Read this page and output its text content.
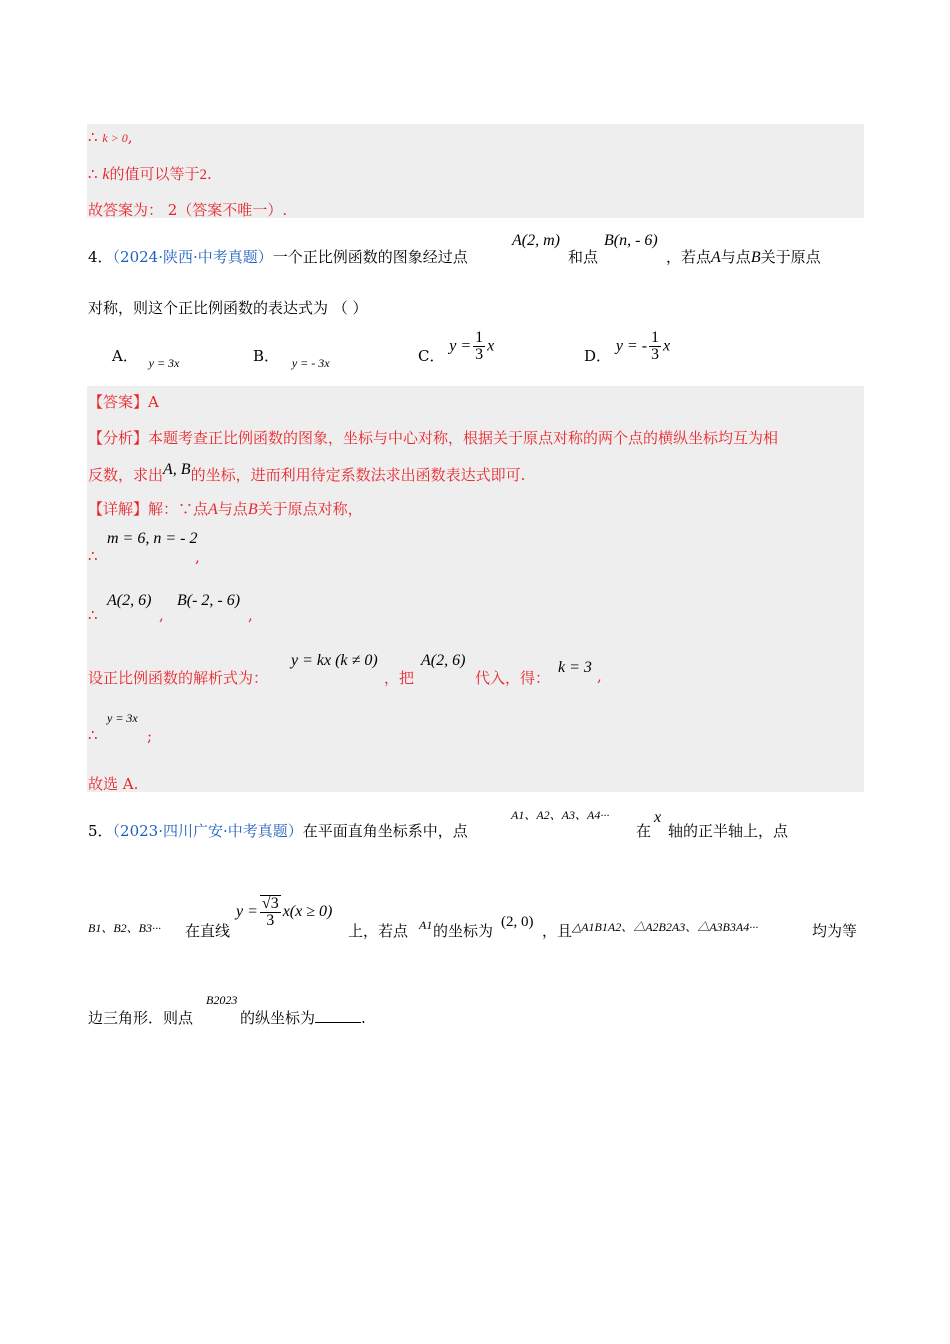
∴ k > 0,
∴ k的值可以等于2.
故答案为： 2（答案不唯一）.
4．（2024·陕西·中考真题）一个正比例函数的图象经过点
A(2, m)
和点
B(n, - 6)
，若点A与点B关于原点
对称，则这个正比例函数的表达式为 （ ）
A． $_{y = 3x}$	B． $_{y = - 3x}$	C． $y = \frac{1}{3}$ x
D． y = - $\frac{1}{3}$ x
【答案】A
【分析】本题考查正比例函数的图象，坐标与中心对称，根据关于原点对称的两个点的横纵坐标均互为相
反数，求出A, B的坐标，进而利用待定系数法求出函数表达式即可.
【详解】解：∵点A与点B关于原点对称，
∴
m = 6, n = - 2
,
∴
A(2, 6)
,
B(- 2, - 6)
,
设正比例函数的解析式为：
y = kx (k ≠ 0)
，把
A(2, 6)
代入，得：
k = 3 ,
∴
y = 3x
;
故选 A.
5．（2023·四川广安·中考真题）在平面直角坐标系中，点
A1、A2、A3、A4···
在
x
轴的正半轴上，点
B1、B2、B3··· 在直线
$y = \frac{√3}{3} x(x \ge 0)$
上，若点 A1 的坐标为 (2, 0) ，且 △A1B1A2、△A2B2A3、△A3B3A4···	均为等
边三角形．则点
B2023
的纵坐标为	.
